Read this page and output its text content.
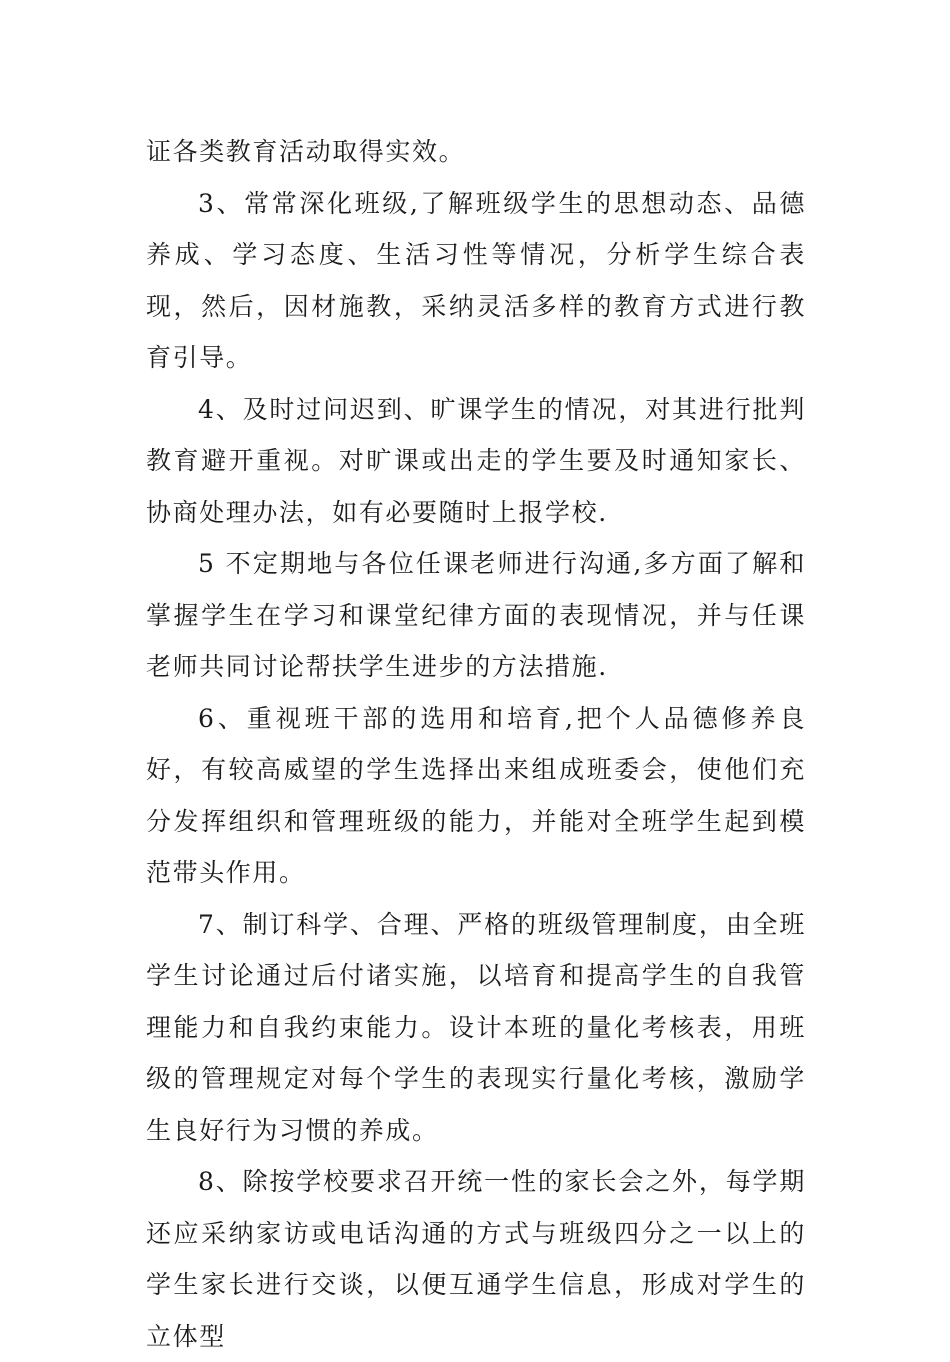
证各类教育活动取得实效。

3、常常深化班级,了解班级学生的思想动态、品德养成、学习态度、生活习性等情况，分析学生综合表现，然后，因材施教，采纳灵活多样的教育方式进行教育引导。

4、及时过问迟到、旷课学生的情况，对其进行批判教育避开重视。对旷课或出走的学生要及时通知家长、协商处理办法，如有必要随时上报学校.

5 不定期地与各位任课老师进行沟通,多方面了解和掌握学生在学习和课堂纪律方面的表现情况，并与任课老师共同讨论帮扶学生进步的方法措施.

6、重视班干部的选用和培育,把个人品德修养良好，有较高威望的学生选择出来组成班委会，使他们充分发挥组织和管理班级的能力，并能对全班学生起到模范带头作用。

7、制订科学、合理、严格的班级管理制度，由全班学生讨论通过后付诸实施，以培育和提高学生的自我管理能力和自我约束能力。设计本班的量化考核表，用班级的管理规定对每个学生的表现实行量化考核，激励学生良好行为习惯的养成。

8、除按学校要求召开统一性的家长会之外，每学期还应采纳家访或电话沟通的方式与班级四分之一以上的学生家长进行交谈，以便互通学生信息，形成对学生的立体型
